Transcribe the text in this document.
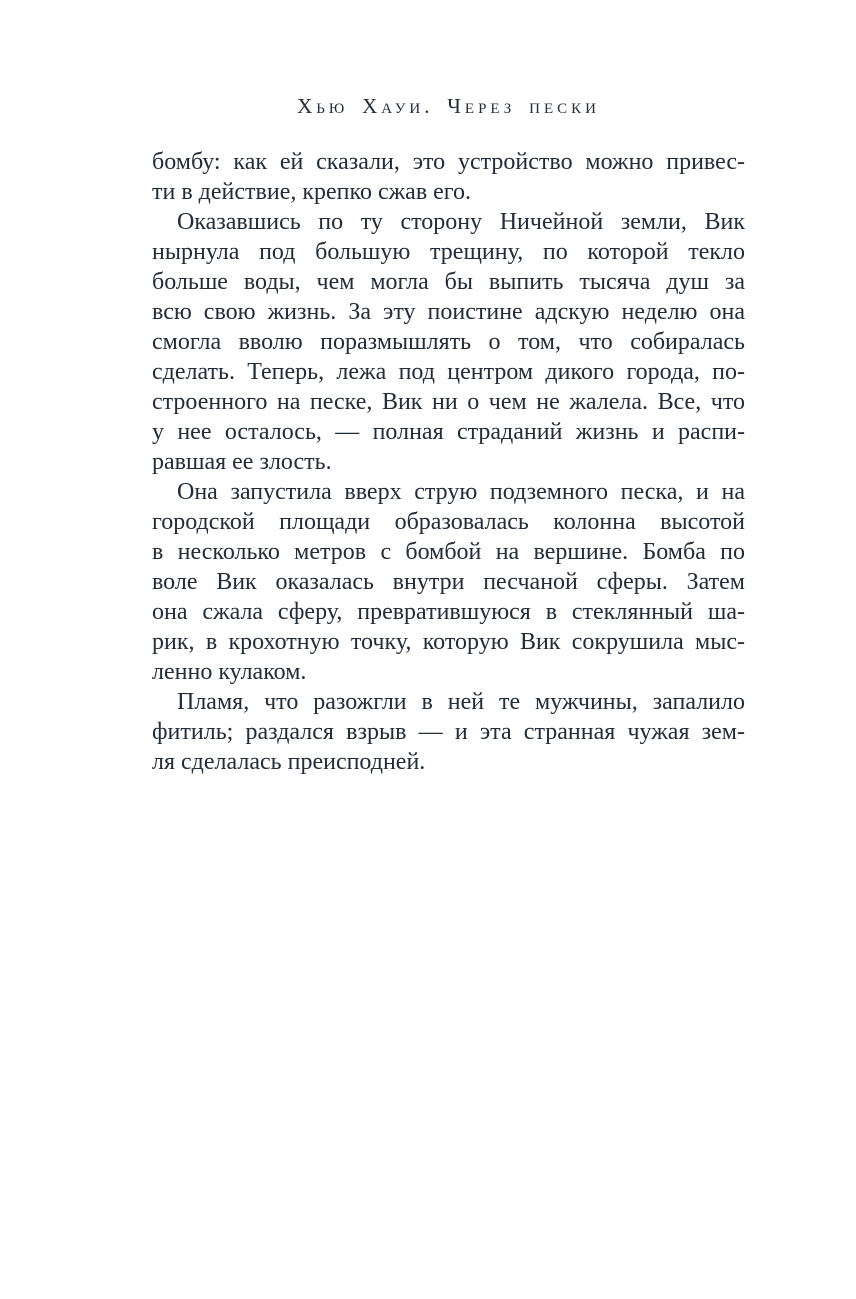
Хью Хауи. Через пески
бомбу: как ей сказали, это устройство можно привес-
ти в действие, крепко сжав его.
Оказавшись по ту сторону Ничейной земли, Вик
нырнула под большую трещину, по которой текло
больше воды, чем могла бы выпить тысяча душ за
всю свою жизнь. За эту поистине адскую неделю она
смогла вволю поразмышлять о том, что собиралась
сделать. Теперь, лежа под центром дикого города, по-
строенного на песке, Вик ни о чем не жалела. Все, что
у нее осталось, — полная страданий жизнь и распи-
равшая ее злость.
Она запустила вверх струю подземного песка, и на
городской площади образовалась колонна высотой
в несколько метров с бомбой на вершине. Бомба по
воле Вик оказалась внутри песчаной сферы. Затем
она сжала сферу, превратившуюся в стеклянный ша-
рик, в крохотную точку, которую Вик сокрушила мыс-
ленно кулаком.
Пламя, что разожгли в ней те мужчины, запалило
фитиль; раздался взрыв — и эта странная чужая зем-
ля сделалась преисподней.
